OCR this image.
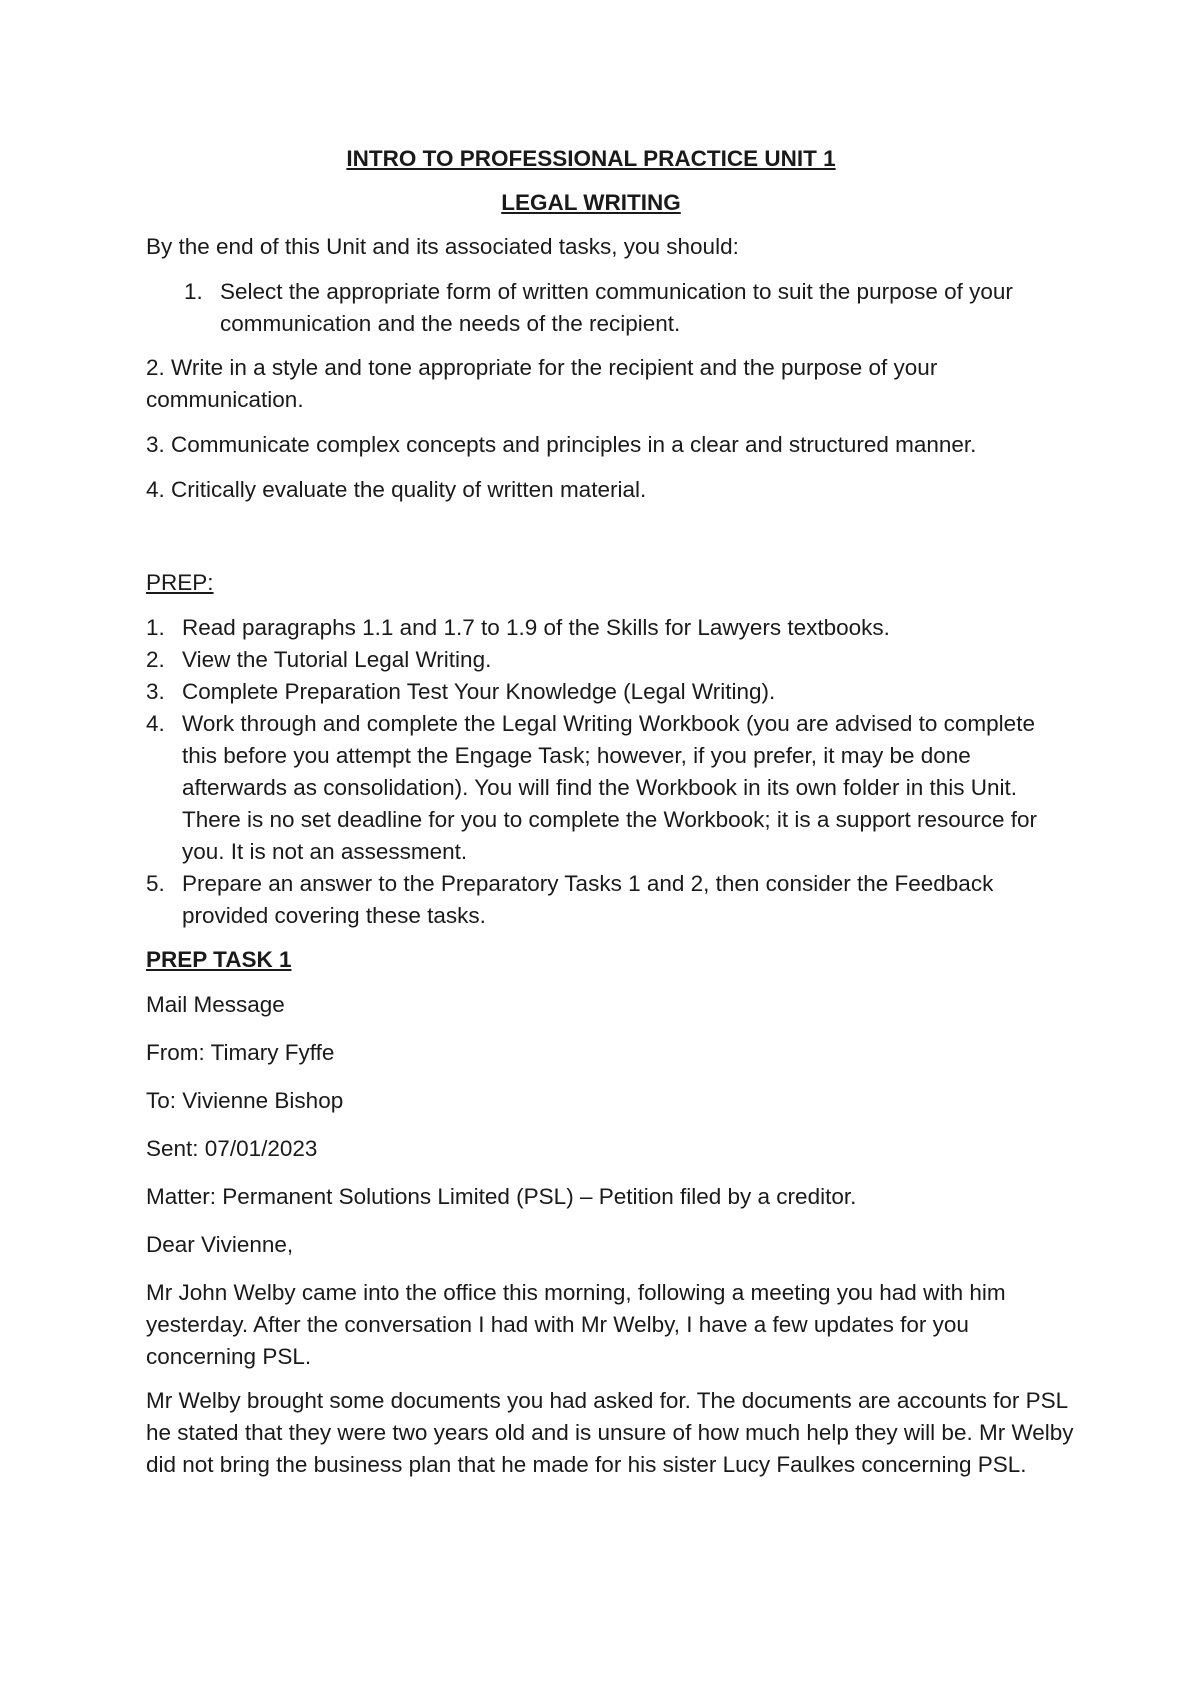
INTRO TO PROFESSIONAL PRACTICE UNIT 1
LEGAL WRITING

By the end of this Unit and its associated tasks, you should:

1. Select the appropriate form of written communication to suit the purpose of your communication and the needs of the recipient.

2. Write in a style and tone appropriate for the recipient and the purpose of your communication.

3. Communicate complex concepts and principles in a clear and structured manner.

4. Critically evaluate the quality of written material.

PREP:

1. Read paragraphs 1.1 and 1.7 to 1.9 of the Skills for Lawyers textbooks.
2. View the Tutorial Legal Writing.
3. Complete Preparation Test Your Knowledge (Legal Writing).
4. Work through and complete the Legal Writing Workbook (you are advised to complete this before you attempt the Engage Task; however, if you prefer, it may be done afterwards as consolidation). You will find the Workbook in its own folder in this Unit. There is no set deadline for you to complete the Workbook; it is a support resource for you. It is not an assessment.
5. Prepare an answer to the Preparatory Tasks 1 and 2, then consider the Feedback provided covering these tasks.

PREP TASK 1

Mail Message

From: Timary Fyffe

To: Vivienne Bishop

Sent: 07/01/2023

Matter: Permanent Solutions Limited (PSL) – Petition filed by a creditor.

Dear Vivienne,

Mr John Welby came into the office this morning, following a meeting you had with him yesterday. After the conversation I had with Mr Welby, I have a few updates for you concerning PSL.

Mr Welby brought some documents you had asked for. The documents are accounts for PSL he stated that they were two years old and is unsure of how much help they will be. Mr Welby did not bring the business plan that he made for his sister Lucy Faulkes concerning PSL.
